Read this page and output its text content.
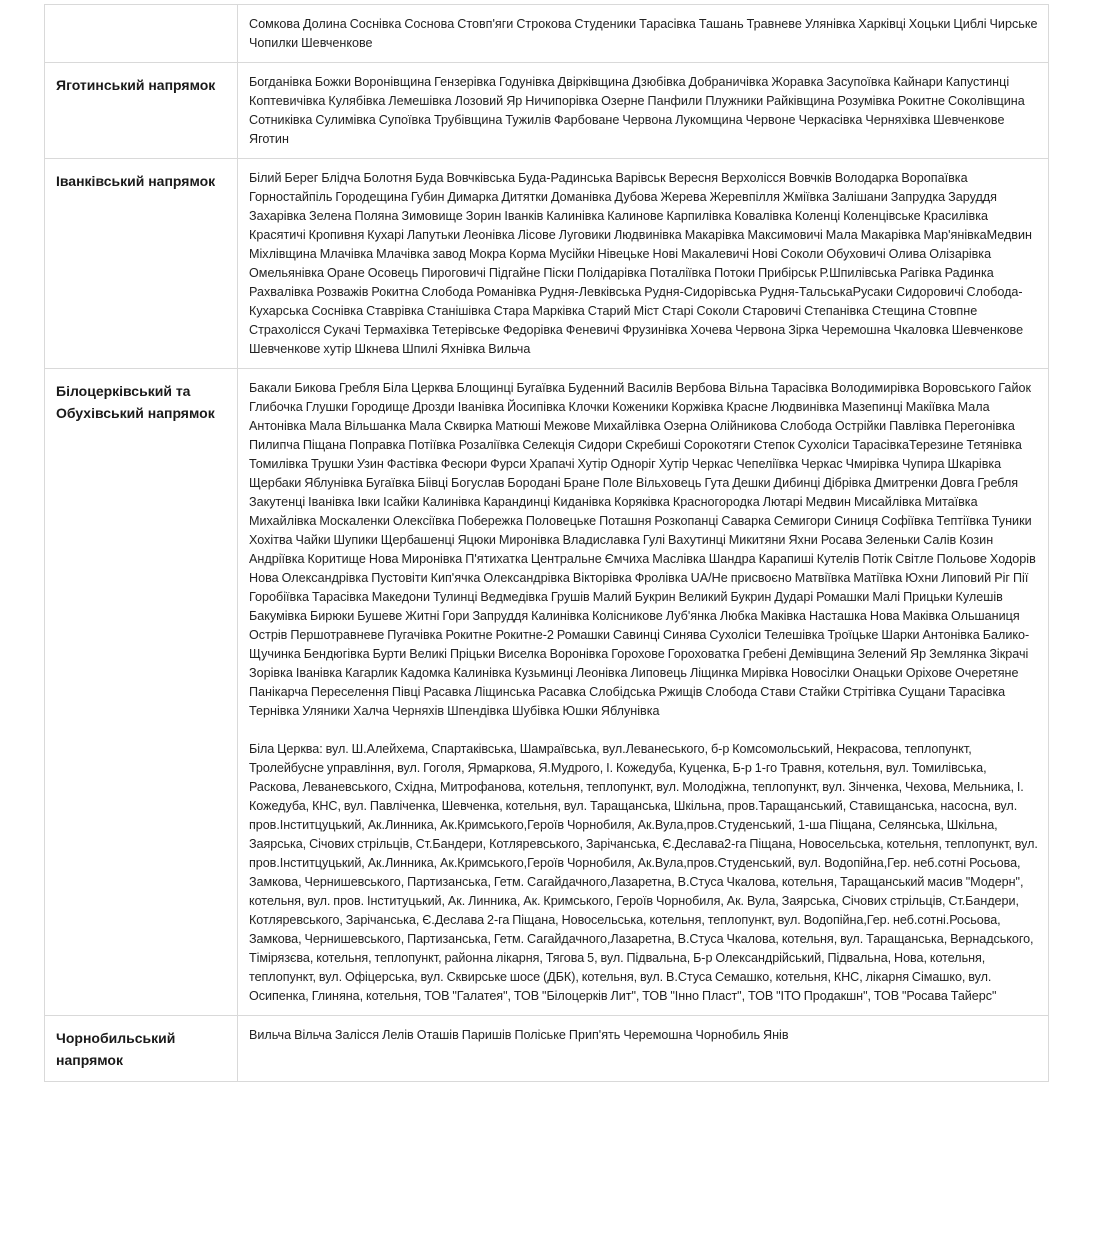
	Сомкова Долина Соснівка Соснова Стовп'яги Строкова Студеники Тарасівка Ташань Травневе Улянівка Харківці Хоцьки Циблі Чирське Чопилки Шевченкове

Яготинський напрямок	Богданівка Божки Воронівщина Гензерівка Годунівка Двірківщина Дзюбівка Добраничівка Жоравка Засупоївка Кайнари Капустинці Коптевичівка Кулябівка Лемешівка Лозовий Яр Ничипорівка Озерне Панфили Плужники Райківщина Розумівка Рокитне Соколівщина Сотниківка Сулимівка Супоївка Трубівщина Тужилів Фарбоване Червона Лукомщина Червоне Черкасівка Черняхівка Шевченкове Яготин

Іванківський напрямок	Білий Берег Блідча Болотня Буда Вовчківська Буда-Радинська Варівськ Вересня Верхолісся Вовчків Володарка Воропаївка Горностайпіль Городещина Губин Димарка Дитятки Доманівка Дубова Жерева Жеревпілля Жміївка Залішани Запрудка Заруддя Захарівка Зелена Поляна Зимовище Зорин Іванків Калинівка Калинове Карпилівка Ковалівка Коленці Коленцівське Красилівка Красятичі Кропивня Кухарі Лапутьки Леонівка Лісове Луговики Людвинівка Макарівка Максимовичі Мала Макарівка Мар'янівкаМедвин Міхлівщина Млачівка Млачівка завод Мокра Корма Мусійки Нівецьке Нові Макалевичі Нові Соколи Обуховичі Олива Олізарівка Омельянівка Оране Осовець Пироговичі Підгайне Піски Полідарівка Поталіївка Потоки Прибірськ Р.Шпилівська Рагівка Радинка Рахвалівка Розважів Рокитна Слобода Романівка Рудня-Левківська Рудня-Сидорівська Рудня-ТальськаРусаки Сидоровичі Слобода-Кухарська Соснівка Ставрівка Станішівка Стара Марківка Старий Міст Старі Соколи Старовичі Степанівка Стещина Стовпне Страхолісся Сукачі Термахівка Тетерівське Федорівка Феневичі Фрузинівка Хочева Червона Зірка Черемошна Чкаловка Шевченкове Шевченкове хутір Шкнева Шпилі Яхнівка Вильча

Білоцерківський та Обухівський напрямок	Бакали Бикова Гребля Біла Церква Блощинці Бугаївка Буденний Василів Вербова Вільна Тарасівка Володимирівка Воровського Гайок Глибочка Глушки Городище Дрозди Іванівка Йосипівка Клочки Коженики Коржівка Красне Людвинівка Мазепинці Макіївка Мала Антонівка Мала Вільшанка Мала Сквирка Матюші Межове Михайлівка Озерна Олійникова Слобода Острійки Павлівка Перегонівка Пилипча Піщана Поправка Потіївка Розаліївка Селекція Сидори Скребиші Сорокотяги Степок Сухоліси ТарасівкаТерезине Тетянівка Томилівка Трушки Узин Фастівка Фесюри Фурси Храпачі Хутір Одноріг Хутір Черкас Чепеліївка Черкас Чмирівка Чупира Шкарівка Щербаки Яблунівка Бугаївка Біівці Богуслав Бородані Бране Поле Вільховець Гута Дешки Дибинці Дібрівка Дмитренки Довга Гребля Закутенці Іванівка Івки Ісайки Калинівка Карандинці Киданівка Коряківка Красногородка Лютарі Медвин Мисайлівка Митаївка Михайлівка Москаленки Олексіївка Побережка Половецьке Поташня Розкопанці Саварка Семигори Синиця Софіївка Тептіївка Туники Хохітва Чайки Шупики Щербашенці Яцюки Миронівка Владиславка Гулі Вахутинці Микитяни Яхни Росава Зеленьки Салів Козин Андріївка Коритище Нова Миронівка П'ятихатка Центральне Ємчиха Маслівка Шандра Карапиші Кутелів Потік Світле Польове Ходорів Нова Олександрівка Пустовіти Кип'ячка Олександрівка Вікторівка Фролівка UA/Не присвоєно Матвіївка Матіївка Юхни Липовий Ріг Пії Горобіївка Тарасівка Македони Тулинці Ведмедівка Грушів Малий Букрин Великий Букрин Дударі Ромашки Малі Прицьки Кулешів Бакумівка Бирюки Бушеве Житні Гори Запруддя Калинівка Колісникове Луб'янка Любка Маківка Насташка Нова Маківка Ольшаниця Острів Першотравневе Пугачівка Рокитне Рокитне-2 Ромашки Савинці Синява Сухоліси Телешівка Троїцьке Шарки Антонівка Балико-Щучинка Бендюгівка Бурти Великі Пріцьки Виселка Воронівка Горохове Гороховатка Гребені Демівщина Зелений Яр Землянка Зікрачі Зорівка Іванівка Кагарлик Кадомка Калинівка Кузьминці Леонівка Липовець Ліщинка Мирівка Новосілки Онацьки Оріхове Очеретяне Панікарча Переселення Півці Расавка Ліщинська Расавка Слобідська Ржищів Слобода Стави Стайки Стрітівка Сущани Тарасівка Тернівка Уляники Халча Черняхів Шпендівка Шубівка Юшки Яблунівка

Біла Церква: вул. Ш.Алейхема, Спартаківська, Шамраївська, вул.Леванеського, б-р Комсомольський, Некрасова, теплопункт, Тролейбусне управління, вул. Гоголя, Ярмаркова, Я.Мудрого, І. Кожедуба, Куценка, Б-р 1-го Травня, котельня, вул. Томилівська, Раскова, Леваневського, Східна, Митрофанова, котельня, теплопункт, вул. Молодіжна, теплопункт, вул. Зінченка, Чехова, Мельника, І. Кожедуба, КНС, вул. Павліченка, Шевченка, котельня, вул. Таращанська, Шкільна, пров.Таращанський, Ставищанська, насосна, вул. пров.Інститцуцький, Ак.Линника, Ак.Кримського,Героїв Чорнобиля, Ак.Вула,пров.Студенський, 1-ша Піщана, Селянська, Шкільна, Заярська, Січових стрільців, Ст.Бандери, Котляревського, Зарічанська, Є.Деслава2-га Піщана, Новосельська, котельня, теплопункт, вул. пров.Інститцуцький, Ак.Линника, Ак.Кримського,Героїв Чорнобиля, Ак.Вула,пров.Студенський, вул. Водопійна,Гер. неб.сотні Росьова, Замкова, Чернишевського, Партизанська, Гетм. Сагайдачного,Лазаретна, В.Стуса Чкалова, котельня, Таращанський масив "Модерн", котельня, вул. пров. Інституцький, Ак. Линника, Ак. Кримського, Героїв Чорнобиля, Ак. Вула, Заярська, Січових стрільців, Ст.Бандери, Котляревського, Зарічанська, Є.Деслава 2-га Піщана, Новосельська, котельня, теплопункт, вул. Водопійна,Гер. неб.сотні.Росьова, Замкова, Чернишевського, Партизанська, Гетм. Сагайдачного,Лазаретна, В.Стуса Чкалова, котельня, вул. Таращанська, Вернадського, Тімірязєва, котельня, теплопункт, районна лікарня, Тягова 5, вул. Підвальна, Б-р Олександрійський, Підвальна, Нова, котельня, теплопункт, вул. Офіцерська, вул. Сквирське шосе (ДБК), котельня, вул. В.Стуса Семашко, котельня, КНС, лікарня Сімашко, вул. Осипенка, Глиняна, котельня, ТОВ "Галатея", ТОВ "Білоцерків Лит", ТОВ "Інно Пласт", ТОВ "ІТО Продакшн", ТОВ "Росава Тайерс"

Чорнобильський напрямок	Вильча Вільча Залісся Лелів Оташів Паришів Поліське Прип'ять Черемошна Чорнобиль Янів
